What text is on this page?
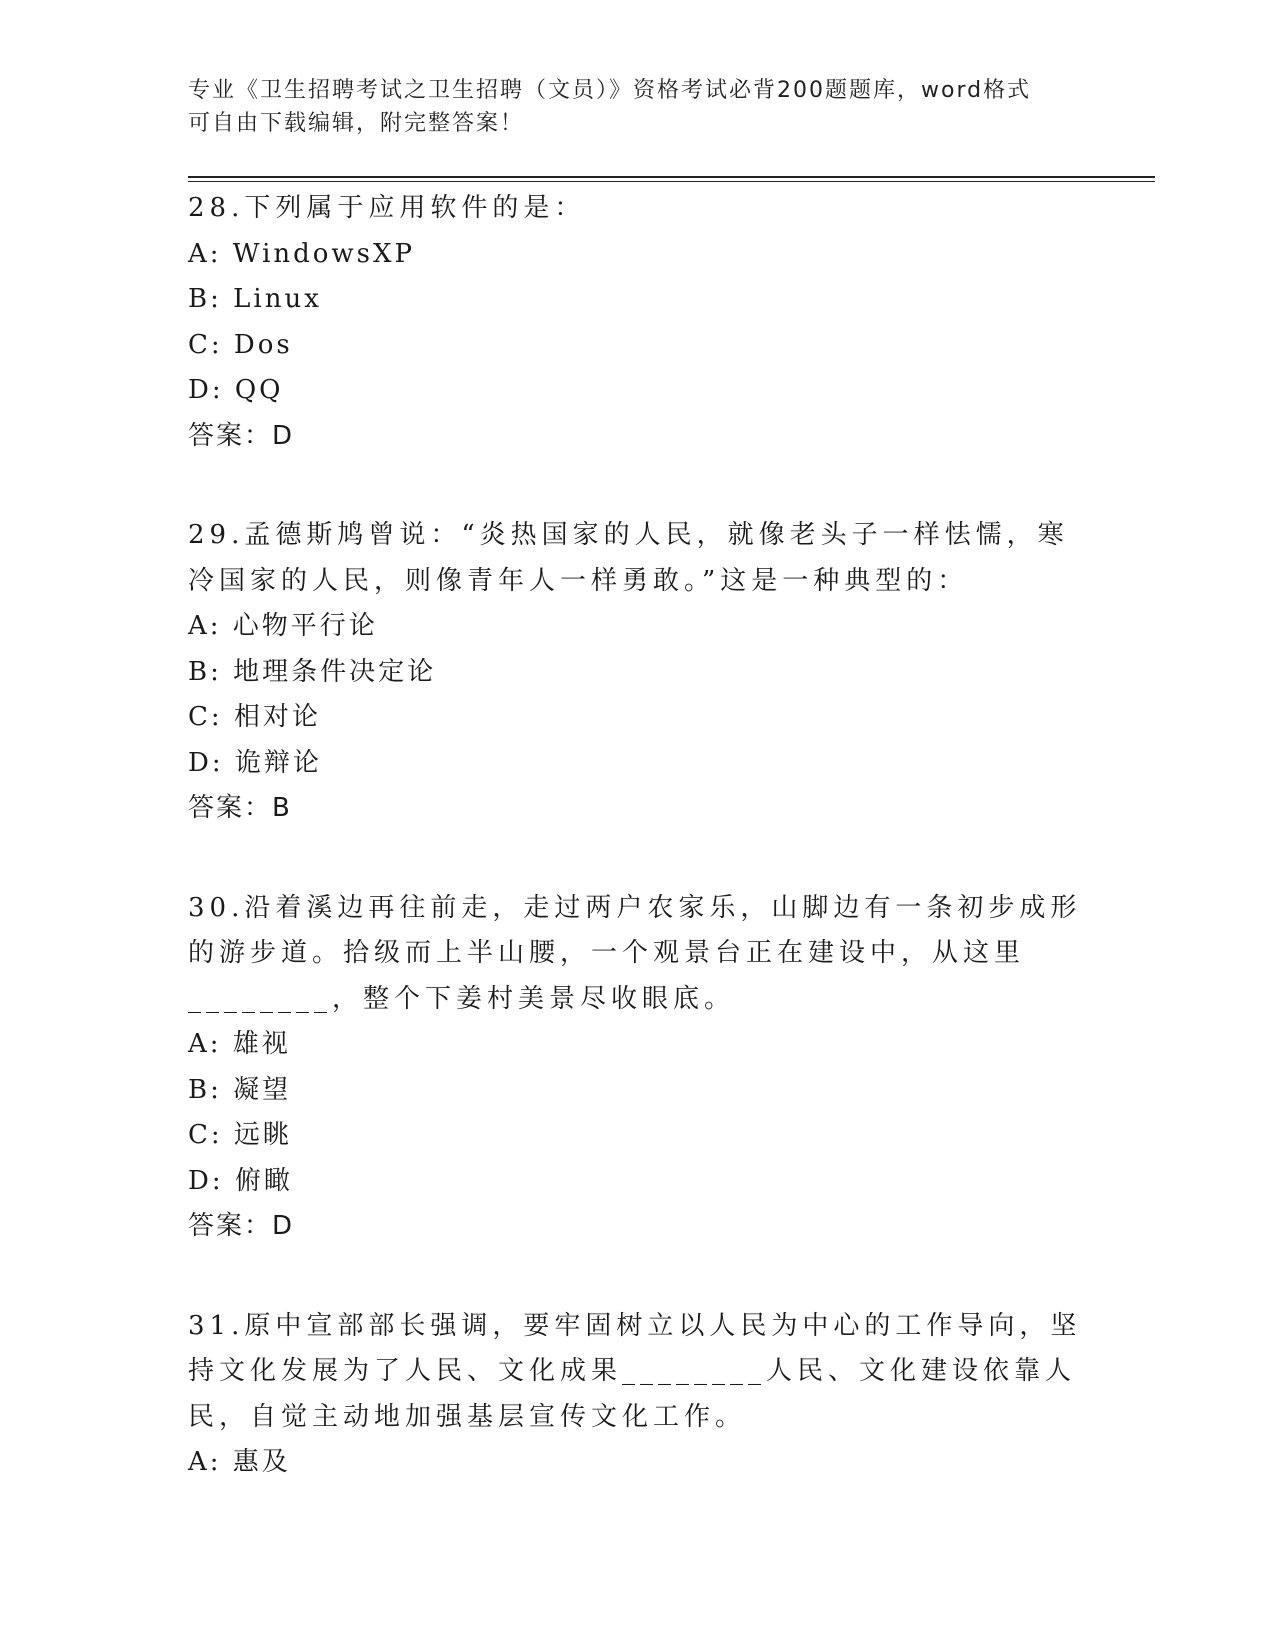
专业《卫生招聘考试之卫生招聘（文员）》资格考试必背200题题库，word格式
可自由下载编辑，附完整答案！

28.下列属于应用软件的是：

A: WindowsXP

B: Linux

C: Dos

D: QQ

答案：D

29.孟德斯鸠曾说：“炎热国家的人民，就像老头子一样怯懦，寒冷国家的人民，则像青年人一样勇敢。”这是一种典型的：

A: 心物平行论

B: 地理条件决定论

C: 相对论

D: 诡辩论

答案：B

30.沿着溪边再往前走，走过两户农家乐，山脚边有一条初步成形的游步道。拾级而上半山腰，一个观景台正在建设中，从这里________，整个下姜村美景尽收眼底。

A: 雄视

B: 凝望

C: 远眺

D: 俯瞰

答案：D

31.原中宣部部长强调，要牢固树立以人民为中心的工作导向，坚持文化发展为了人民、文化成果________人民、文化建设依靠人民，自觉主动地加强基层宣传文化工作。

A: 惠及
